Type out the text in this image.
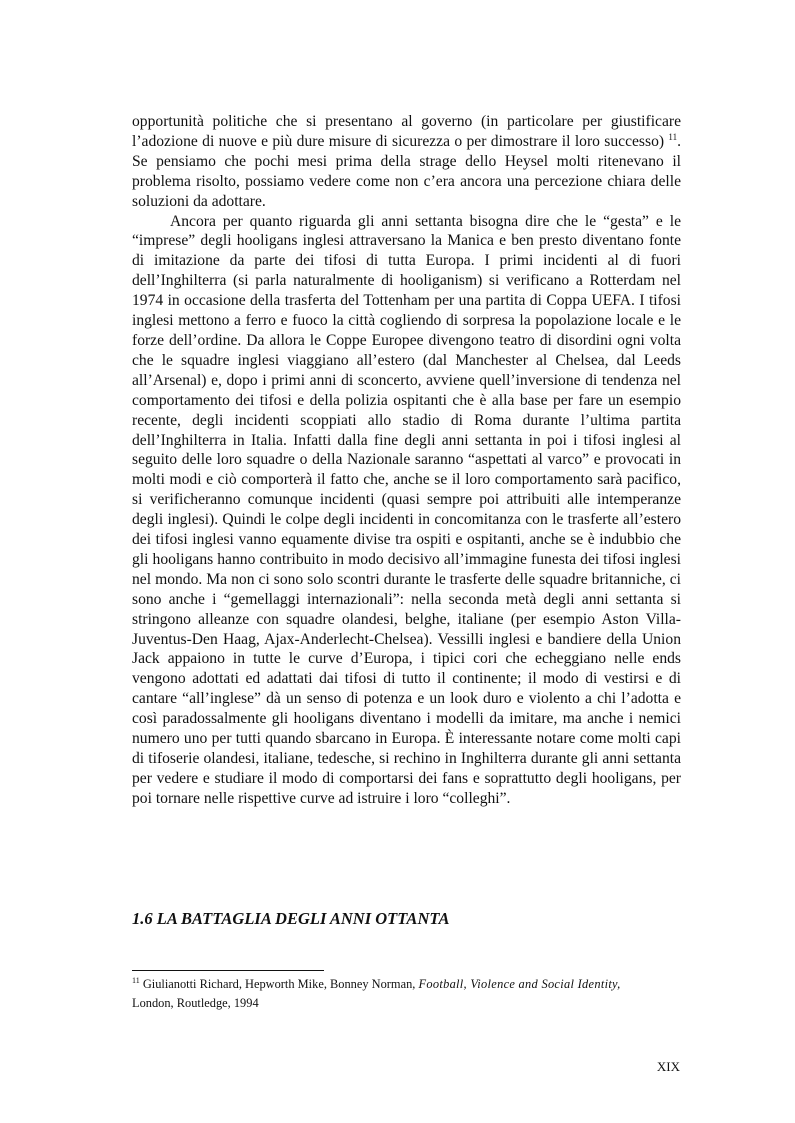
opportunità politiche che si presentano al governo (in particolare per giustificare l’adozione di nuove e più dure misure di sicurezza o per dimostrare il loro successo) $^{11}$. Se pensiamo che pochi mesi prima della strage dello Heysel molti ritenevano il problema risolto, possiamo vedere come non c’era ancora una percezione chiara delle soluzioni da adottare.

Ancora per quanto riguarda gli anni settanta bisogna dire che le “gesta” e le “imprese” degli hooligans inglesi attraversano la Manica e ben presto diventano fonte di imitazione da parte dei tifosi di tutta Europa. I primi incidenti al di fuori dell’Inghilterra (si parla naturalmente di hooliganism) si verificano a Rotterdam nel 1974 in occasione della trasferta del Tottenham per una partita di Coppa UEFA. I tifosi inglesi mettono a ferro e fuoco la città cogliendo di sorpresa la popolazione locale e le forze dell’ordine. Da allora le Coppe Europee divengono teatro di disordini ogni volta che le squadre inglesi viaggiano all’estero (dal Manchester al Chelsea, dal Leeds all’Arsenal) e, dopo i primi anni di sconcerto, avviene quell’inversione di tendenza nel comportamento dei tifosi e della polizia ospitanti che è alla base per fare un esempio recente, degli incidenti scoppiati allo stadio di Roma durante l’ultima partita dell’Inghilterra in Italia. Infatti dalla fine degli anni settanta in poi i tifosi inglesi al seguito delle loro squadre o della Nazionale saranno “aspettati al varco” e provocati in molti modi e ciò comporterà il fatto che, anche se il loro comportamento sarà pacifico, si verificheranno comunque incidenti (quasi sempre poi attribuiti alle intemperanze degli inglesi). Quindi le colpe degli incidenti in concomitanza con le trasferte all’estero dei tifosi inglesi vanno equamente divise tra ospiti e ospitanti, anche se è indubbio che gli hooligans hanno contribuito in modo decisivo all’immagine funesta dei tifosi inglesi nel mondo. Ma non ci sono solo scontri durante le trasferte delle squadre britanniche, ci sono anche i “gemellaggi internazionali”: nella seconda metà degli anni settanta si stringono alleanze con squadre olandesi, belghe, italiane (per esempio Aston Villa-Juventus-Den Haag, Ajax-Anderlecht-Chelsea). Vessilli inglesi e bandiere della Union Jack appaiono in tutte le curve d’Europa, i tipici cori che echeggiano nelle ends vengono adottati ed adattati dai tifosi di tutto il continente; il modo di vestirsi e di cantare “all’inglese” dà un senso di potenza e un look duro e violento a chi l’adotta e così paradossalmente gli hooligans diventano i modelli da imitare, ma anche i nemici numero uno per tutti quando sbarcano in Europa. È interessante notare come molti capi di tifoserie olandesi, italiane, tedesche, si rechino in Inghilterra durante gli anni settanta per vedere e studiare il modo di comportarsi dei fans e soprattutto degli hooligans, per poi tornare nelle rispettive curve ad istruire i loro “colleghi”.

1.6 LA BATTAGLIA DEGLI ANNI OTTANTA
$^{11}$ Giulianotti Richard, Hepworth Mike, Bonney Norman, Football, Violence and Social Identity,
London, Routledge, 1994
XIX
